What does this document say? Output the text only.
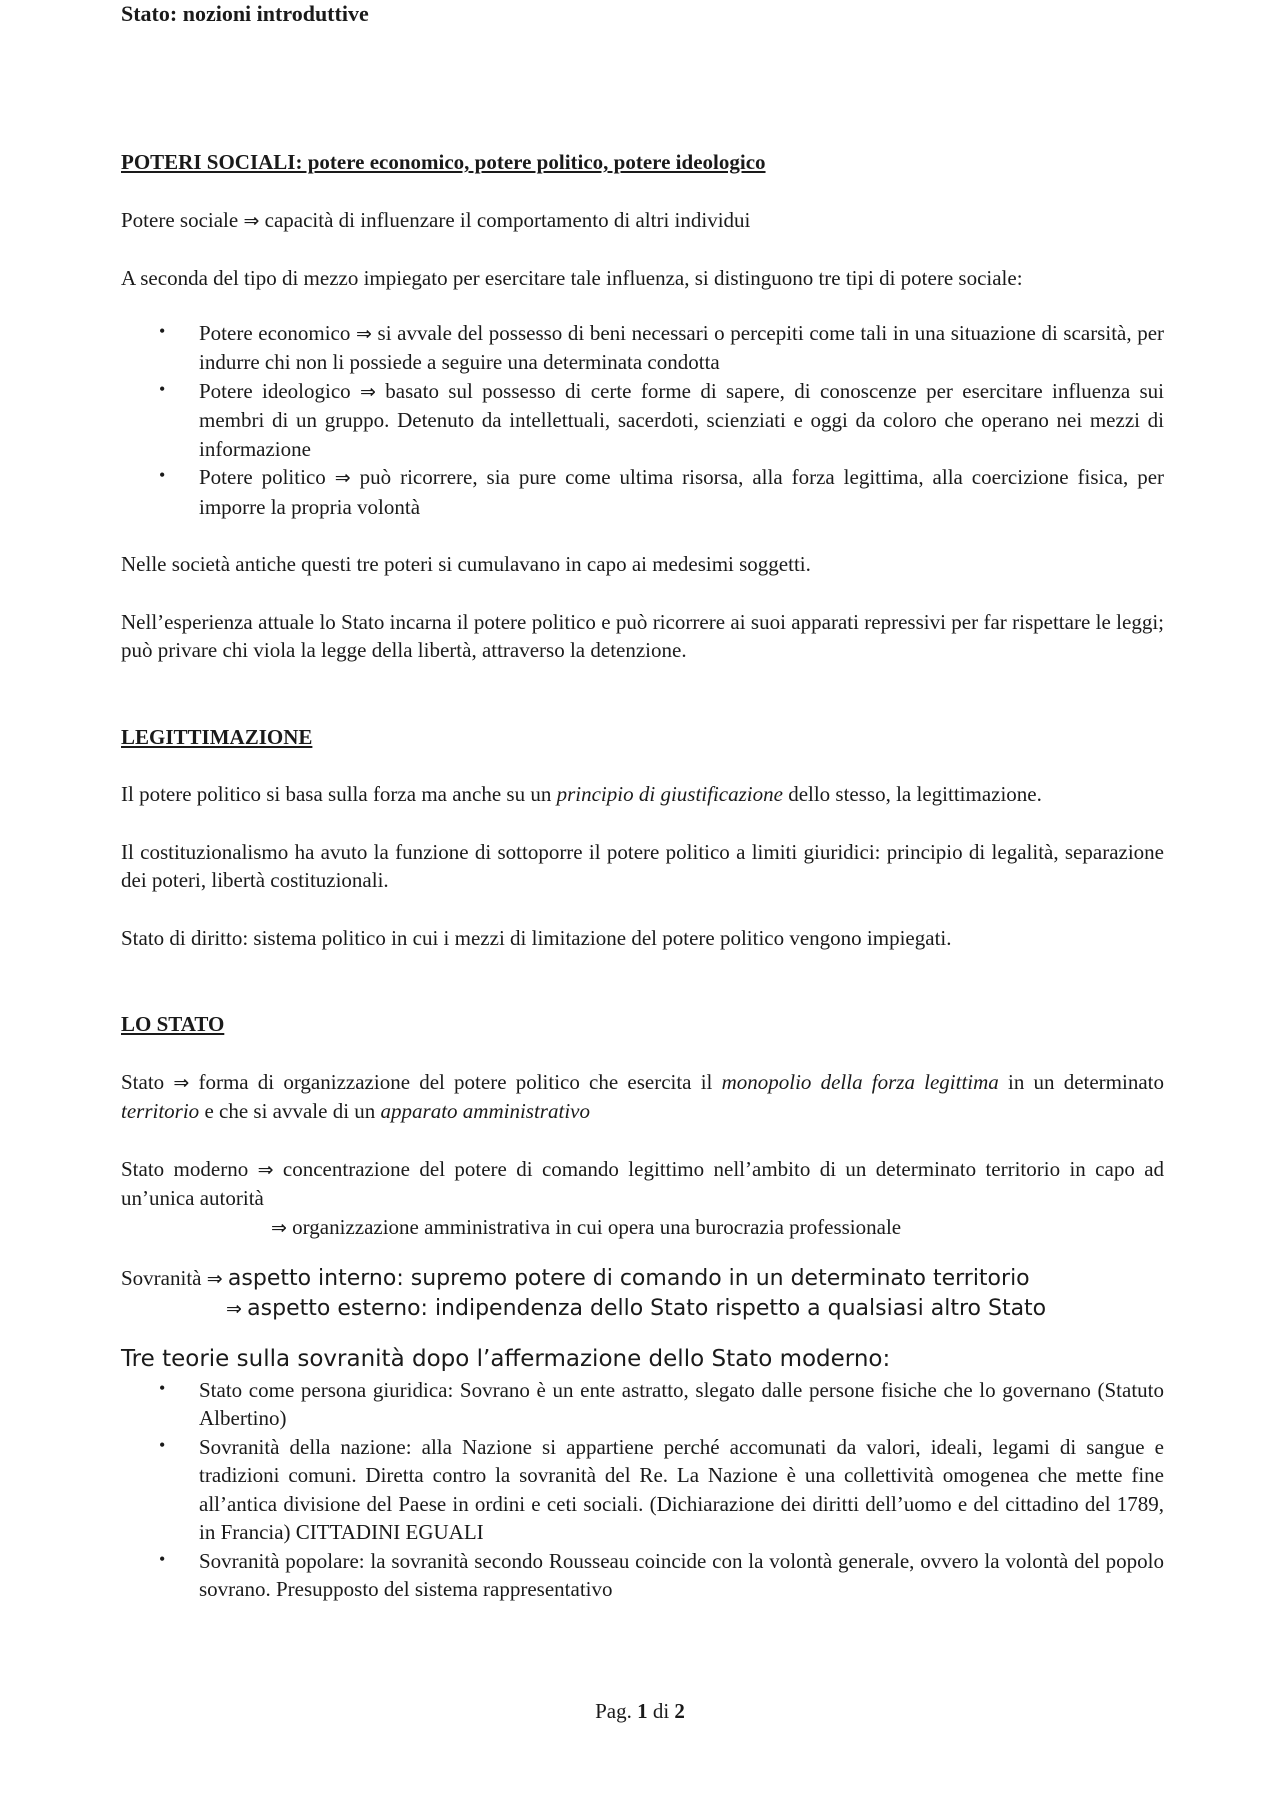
Stato: nozioni introduttive

POTERI SOCIALI: potere economico, potere politico, potere ideologico

Potere sociale ⇒ capacità di influenzare il comportamento di altri individui

A seconda del tipo di mezzo impiegato per esercitare tale influenza, si distinguono tre tipi di potere sociale:

• Potere economico ⇒ si avvale del possesso di beni necessari o percepiti come tali in una situazione di scarsità, per indurre chi non li possiede a seguire una determinata condotta
• Potere ideologico ⇒ basato sul possesso di certe forme di sapere, di conoscenze per esercitare influenza sui membri di un gruppo. Detenuto da intellettuali, sacerdoti, scienziati e oggi da coloro che operano nei mezzi di informazione
• Potere politico ⇒ può ricorrere, sia pure come ultima risorsa, alla forza legittima, alla coercizione fisica, per imporre la propria volontà

Nelle società antiche questi tre poteri si cumulavano in capo ai medesimi soggetti.

Nell’esperienza attuale lo Stato incarna il potere politico e può ricorrere ai suoi apparati repressivi per far rispettare le leggi; può privare chi viola la legge della libertà, attraverso la detenzione.

LEGITTIMAZIONE

Il potere politico si basa sulla forza ma anche su un principio di giustificazione dello stesso, la legittimazione.

Il costituzionalismo ha avuto la funzione di sottoporre il potere politico a limiti giuridici: principio di legalità, separazione dei poteri, libertà costituzionali.

Stato di diritto: sistema politico in cui i mezzi di limitazione del potere politico vengono impiegati.

LO STATO

Stato ⇒ forma di organizzazione del potere politico che esercita il monopolio della forza legittima in un determinato territorio e che si avvale di un apparato amministrativo

Stato moderno ⇒ concentrazione del potere di comando legittimo nell’ambito di un determinato territorio in capo ad un’unica autorità

⇒ organizzazione amministrativa in cui opera una burocrazia professionale

Sovranità ⇒ aspetto interno: supremo potere di comando in un determinato territorio

⇒ aspetto esterno: indipendenza dello Stato rispetto a qualsiasi altro Stato

Tre teorie sulla sovranità dopo l’affermazione dello Stato moderno:

• Stato come persona giuridica: Sovrano è un ente astratto, slegato dalle persone fisiche che lo governano (Statuto Albertino)
• Sovranità della nazione: alla Nazione si appartiene perché accomunati da valori, ideali, legami di sangue e tradizioni comuni. Diretta contro la sovranità del Re. La Nazione è una collettività omogenea che mette fine all’antica divisione del Paese in ordini e ceti sociali. (Dichiarazione dei diritti dell’uomo e del cittadino del 1789, in Francia) CITTADINI EGUALI
• Sovranità popolare: la sovranità secondo Rousseau coincide con la volontà generale, ovvero la volontà del popolo sovrano. Presupposto del sistema rappresentativo
Pag. 1 di 2
